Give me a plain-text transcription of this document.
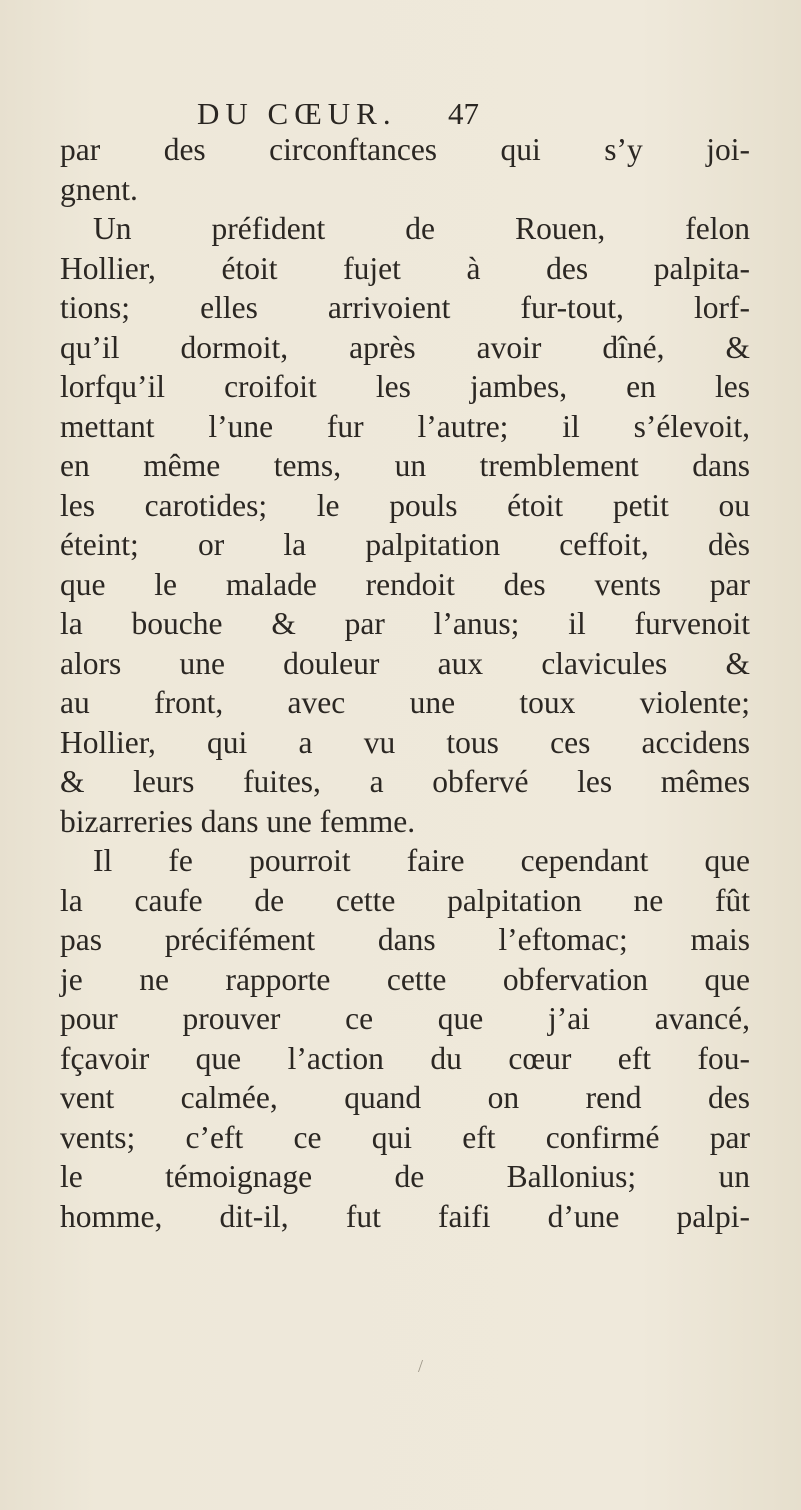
DU CŒUR. 47
par des circonftances qui s’y joi-
gnent.
Un préfident de Rouen, felon
Hollier, étoit fujet à des palpita-
tions; elles arrivoient fur-tout, lorf-
qu’il dormoit, après avoir dîné, &
lorfqu’il croifoit les jambes, en les
mettant l’une fur l’autre; il s’élevoit,
en même tems, un tremblement dans
les carotides; le pouls étoit petit ou
éteint; or la palpitation ceffoit, dès
que le malade rendoit des vents par
la bouche & par l’anus; il furvenoit
alors une douleur aux clavicules &
au front, avec une toux violente;
Hollier, qui a vu tous ces accidens
& leurs fuites, a obfervé les mêmes
bizarreries dans une femme.
Il fe pourroit faire cependant que
la caufe de cette palpitation ne fût
pas précifément dans l’eftomac; mais
je ne rapporte cette obfervation que
pour prouver ce que j’ai avancé,
fçavoir que l’action du cœur eft fou-
vent calmée, quand on rend des
vents; c’eft ce qui eft confirmé par
le témoignage de Ballonius; un
homme, dit-il, fut faifi d’une palpi-
/
